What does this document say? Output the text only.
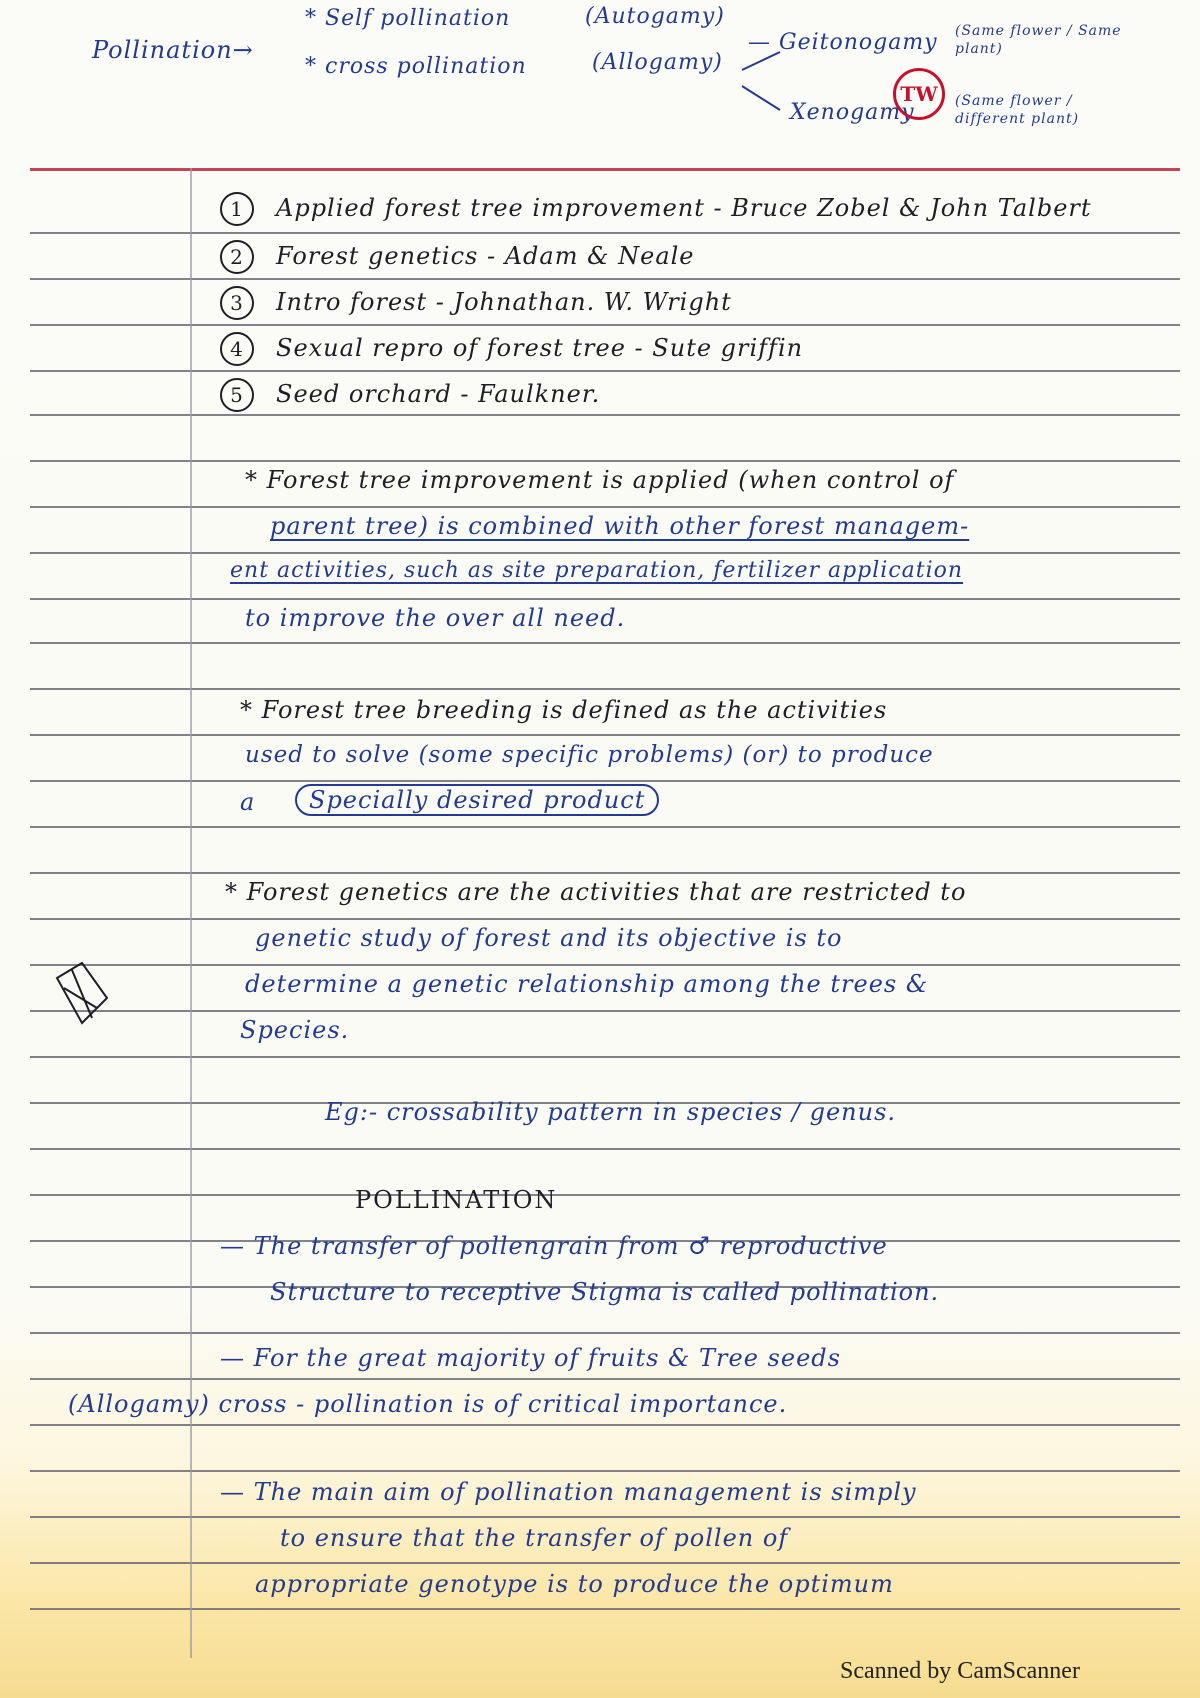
Pollination→
* Self pollination	(Autogamy)
* cross pollination	(Allogamy)
— Geitonogamy (Same flower / Same plant)
Xenogamy	(Same flower / different plant)
TW
1 Applied forest tree improvement - Bruce Zobel & John Talbert
2 Forest genetics - Adam & Neale
3 Intro forest - Johnathan. W. Wright
4 Sexual repro of forest tree - Sute griffin
5 Seed orchard - Faulkner.
* Forest tree improvement is applied (when control of
parent tree) is combined with other forest managem-
ent activities, such as site preparation, fertilizer application
to improve the over all need.
* Forest tree breeding is defined as the activities
used to solve (some specific problems) (or) to produce
a	Specially desired product
* Forest genetics are the activities that are restricted to
genetic study of forest and its objective is to
determine a genetic relationship among the trees &
Species.
Eg:- crossability pattern in species / genus.
POLLINATION
— The transfer of pollengrain from ♂ reproductive
Structure to receptive Stigma is called pollination.
— For the great majority of fruits & Tree seeds
(Allogamy) cross - pollination is of critical importance.
— The main aim of pollination management is simply
to ensure that the transfer of pollen of
appropriate genotype is to produce the optimum
Scanned by CamScanner
